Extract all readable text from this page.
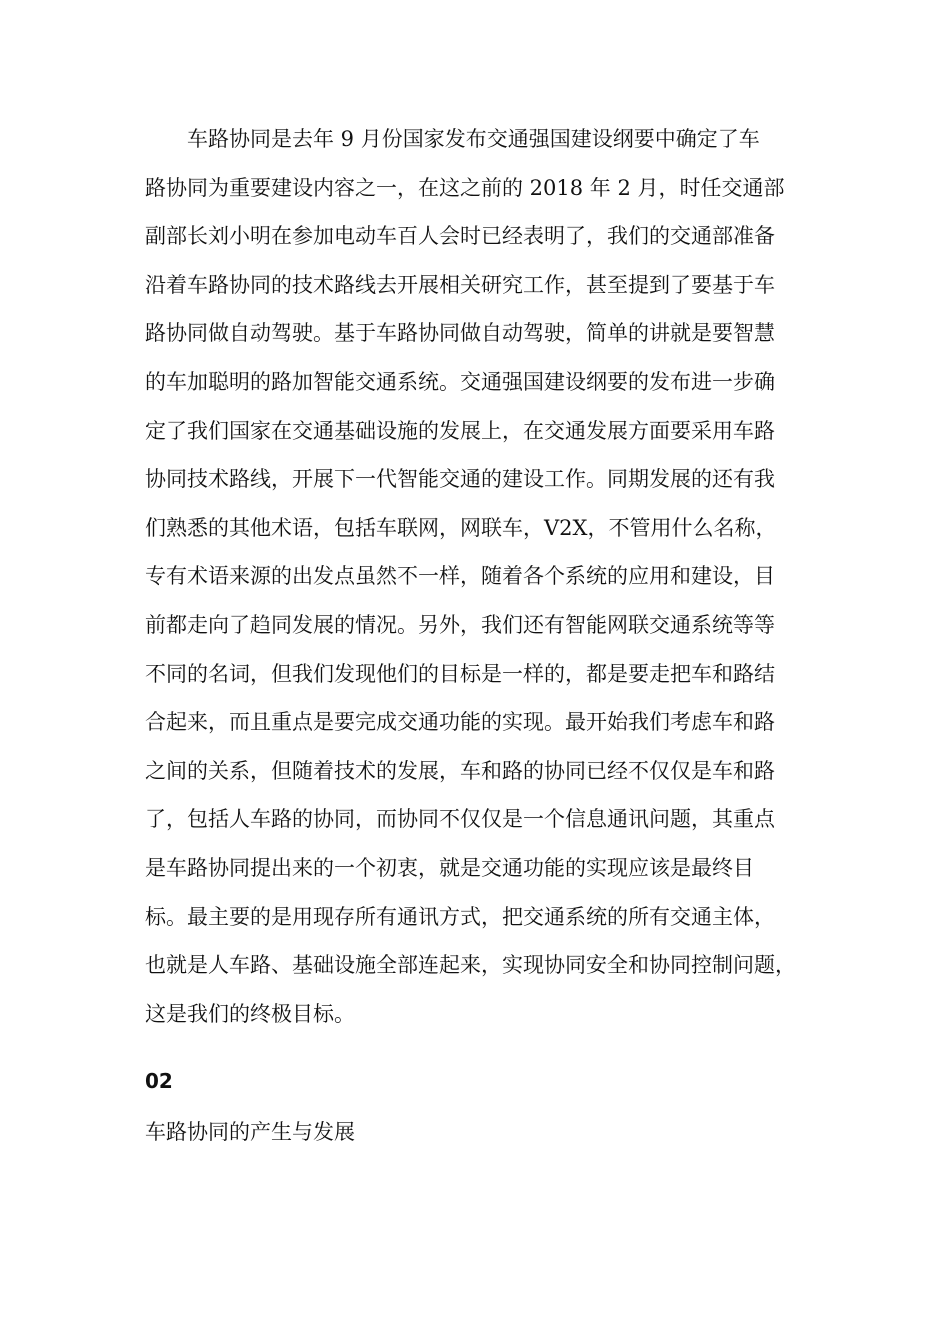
车路协同是去年 9 月份国家发布交通强国建设纲要中确定了车
路协同为重要建设内容之一，在这之前的 2018 年 2 月，时任交通部
副部长刘小明在参加电动车百人会时已经表明了，我们的交通部准备
沿着车路协同的技术路线去开展相关研究工作，甚至提到了要基于车
路协同做自动驾驶。基于车路协同做自动驾驶，简单的讲就是要智慧
的车加聪明的路加智能交通系统。交通强国建设纲要的发布进一步确
定了我们国家在交通基础设施的发展上，在交通发展方面要采用车路
协同技术路线，开展下一代智能交通的建设工作。同期发展的还有我
们熟悉的其他术语，包括车联网，网联车，V2X，不管用什么名称，
专有术语来源的出发点虽然不一样，随着各个系统的应用和建设，目
前都走向了趋同发展的情况。另外，我们还有智能网联交通系统等等
不同的名词，但我们发现他们的目标是一样的，都是要走把车和路结
合起来，而且重点是要完成交通功能的实现。最开始我们考虑车和路
之间的关系，但随着技术的发展，车和路的协同已经不仅仅是车和路
了，包括人车路的协同，而协同不仅仅是一个信息通讯问题，其重点
是车路协同提出来的一个初衷，就是交通功能的实现应该是最终目
标。最主要的是用现存所有通讯方式，把交通系统的所有交通主体，
也就是人车路、基础设施全部连起来，实现协同安全和协同控制问题，
这是我们的终极目标。
02
车路协同的产生与发展
